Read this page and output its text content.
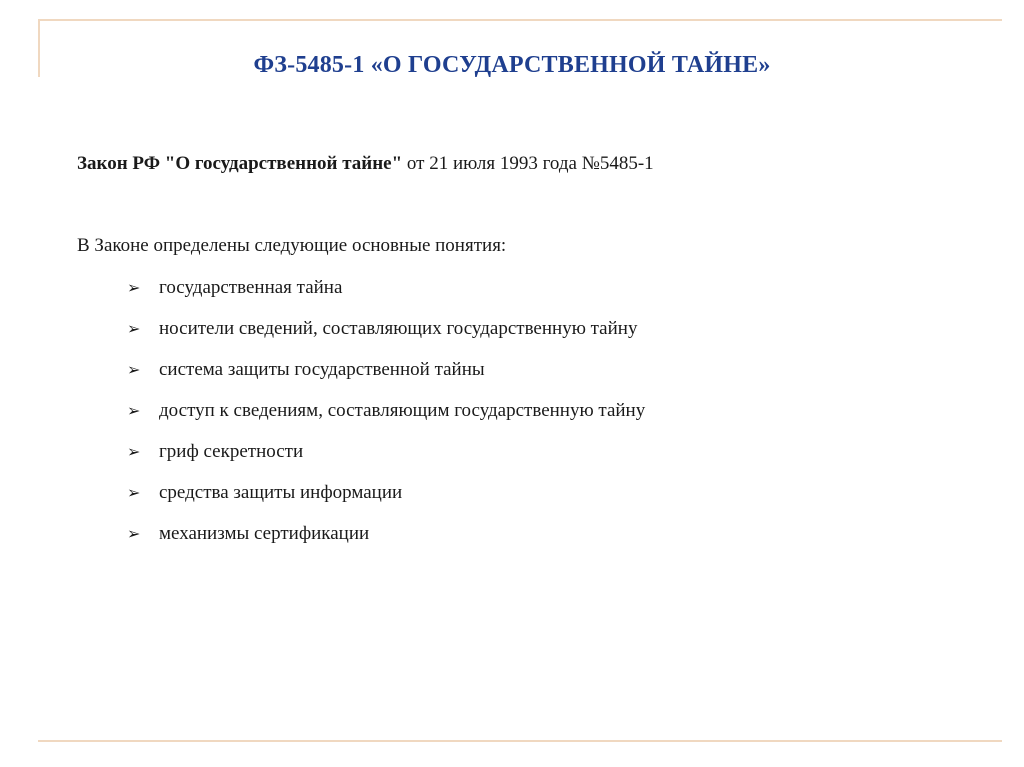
ФЗ-5485-1 «О ГОСУДАРСТВЕННОЙ ТАЙНЕ»
Закон РФ "О государственной тайне" от 21 июля 1993 года №5485-1
В Законе определены следующие основные понятия:
➢ государственная тайна
➢ носители сведений, составляющих государственную тайну
➢ система защиты государственной тайны
➢ доступ к сведениям, составляющим государственную тайну
➢ гриф секретности
➢ средства защиты информации
➢ механизмы сертификации
